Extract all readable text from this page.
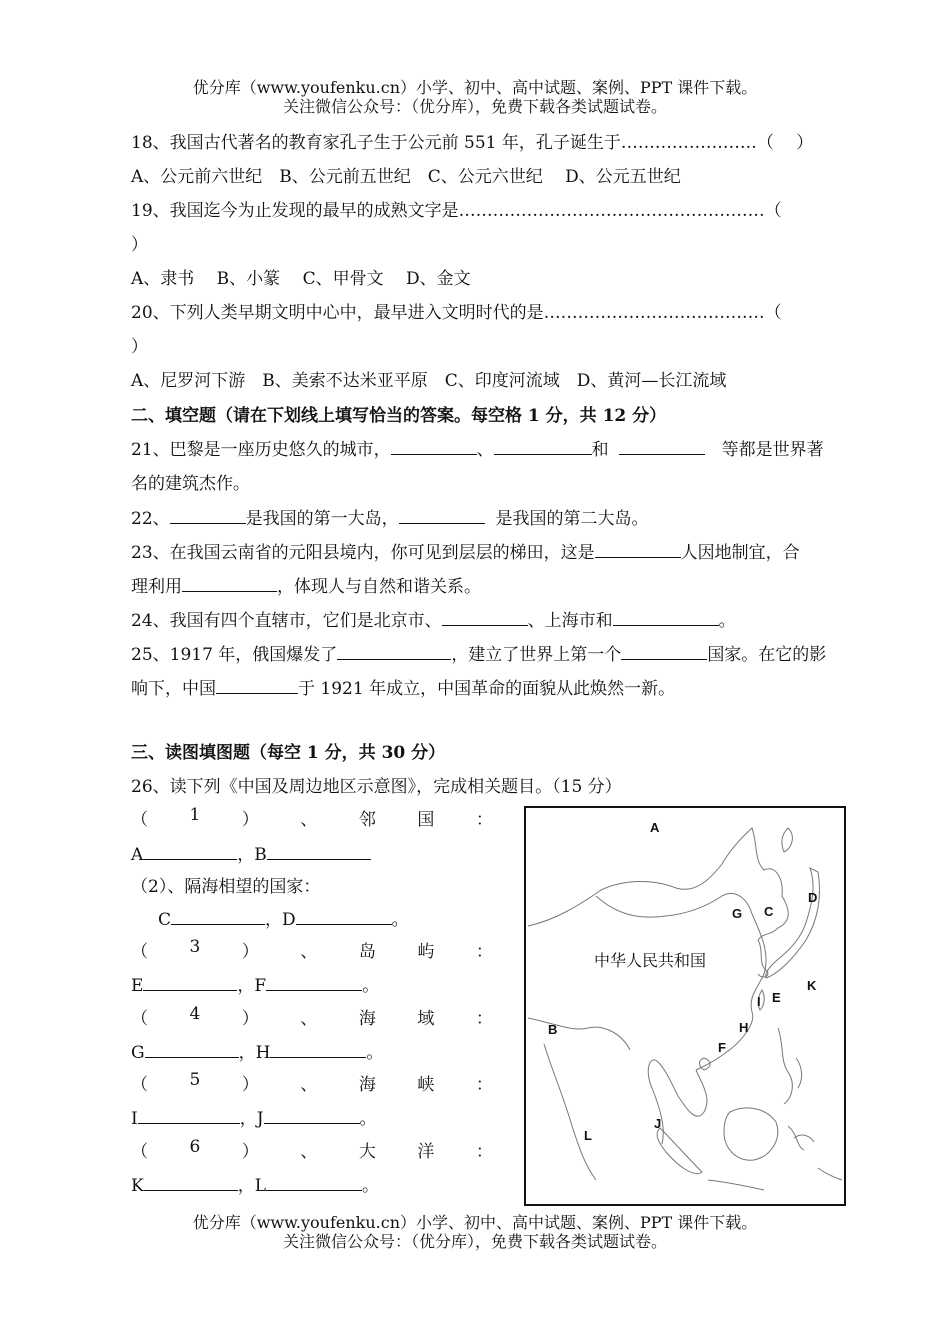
优分库（www.youfenku.cn）小学、初中、高中试题、案例、PPT 课件下载。
关注微信公众号：（优分库），免费下载各类试题试卷。
18、我国古代著名的教育家孔子生于公元前 551 年，孔子诞生于……………………（　 ）
A、公元前六世纪　B、公元前五世纪　C、公元六世纪　 D、公元五世纪
19、我国迄今为止发现的最早的成熟文字是………………………………………………（
）
A、隶书　 B、小篆　 C、甲骨文　 D、金文
20、下列人类早期文明中心中，最早进入文明时代的是…………………………………（
）
A、尼罗河下游　B、美索不达米亚平原　C、印度河流域　D、黄河—长江流域
二、填空题（请在下划线上填写恰当的答案。每空格 1 分，共 12 分）
21、巴黎是一座历史悠久的城市，	、	和	等都是世界著
名的建筑杰作。
22、	是我国的第一大岛，	是我国的第二大岛。
23、在我国云南省的元阳县境内，你可见到层层的梯田，这是	人因地制宜，合
理利用	，体现人与自然和谐关系。
24、我国有四个直辖市，它们是北京市、	、上海市和	。
25、1917 年，俄国爆发了	，建立了世界上第一个	国家。在它的影
响下，中国	于 1921 年成立，中国革命的面貌从此焕然一新。
三、读图填图题（每空 1 分，共 30 分）
26、读下列《中国及周边地区示意图》，完成相关题目。（15 分）
（ 1 ） 、 邻 国 ：
A	，B
（2）、隔海相望的国家：
C	，D	。
（ 3 ） 、 岛 屿 ：
E	，F	。
（ 4 ） 、 海 域 ：
G	，H	。
（ 5 ） 、 海 峡 ：
I	，J	。
（ 6 ） 、 大 洋 ：
K	，L	。
中华人民共和国
A
B
C
D
E
F
G
H
I
J
K
L
优分库（www.youfenku.cn）小学、初中、高中试题、案例、PPT 课件下载。
关注微信公众号：（优分库），免费下载各类试题试卷。
